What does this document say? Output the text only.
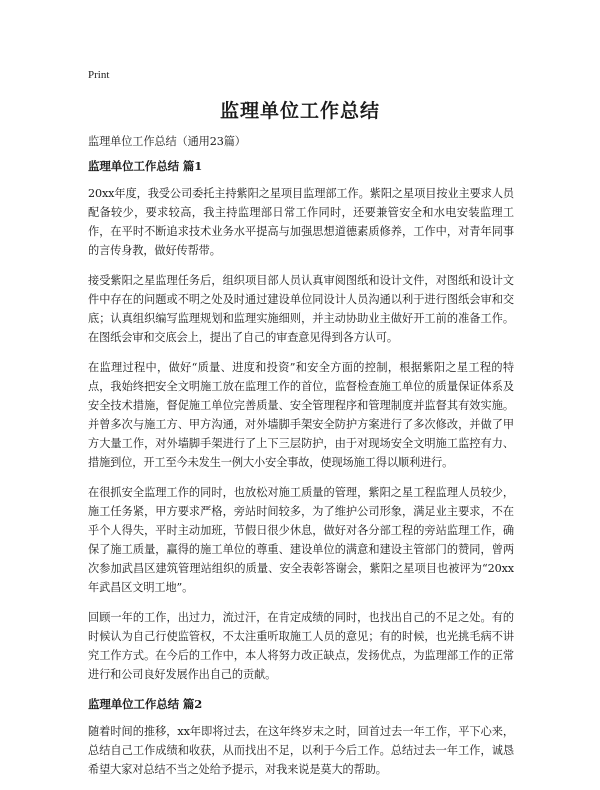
Print
监理单位工作总结
监理单位工作总结（通用23篇）
监理单位工作总结 篇1

20xx年度，我受公司委托主持紫阳之星项目监理部工作。紫阳之星项目按业主要求人员配备较少，要求较高，我主持监理部日常工作同时，还要兼管安全和水电安装监理工作，在平时不断追求技术业务水平提高与加强思想道德素质修养，工作中，对青年同事的言传身教，做好传帮带。

接受紫阳之星监理任务后，组织项目部人员认真审阅图纸和设计文件，对图纸和设计文件中存在的问题或不明之处及时通过建设单位同设计人员沟通以利于进行图纸会审和交底；认真组织编写监理规划和监理实施细则，并主动协助业主做好开工前的准备工作。在图纸会审和交底会上，提出了自己的审查意见得到各方认可。

在监理过程中，做好“质量、进度和投资”和安全方面的控制，根据紫阳之星工程的特点，我始终把安全文明施工放在监理工作的首位，监督检查施工单位的质量保证体系及安全技术措施，督促施工单位完善质量、安全管理程序和管理制度并监督其有效实施。并曾多次与施工方、甲方沟通，对外墙脚手架安全防护方案进行了多次修改，并做了甲方大量工作，对外墙脚手架进行了上下三层防护，由于对现场安全文明施工监控有力、措施到位，开工至今未发生一例大小安全事故，使现场施工得以顺利进行。

在很抓安全监理工作的同时，也放松对施工质量的管理，紫阳之星工程监理人员较少，施工任务紧，甲方要求严格，旁站时间较多，为了维护公司形象，满足业主要求，不在乎个人得失，平时主动加班，节假日很少休息，做好对各分部工程的旁站监理工作，确保了施工质量，赢得的施工单位的尊重、建设单位的满意和建设主管部门的赞同，曾两次参加武昌区建筑管理站组织的质量、安全表彰答谢会，紫阳之星项目也被评为“20xx年武昌区文明工地”。

回顾一年的工作，出过力，流过汗，在肯定成绩的同时，也找出自己的不足之处。有的时候认为自己行使监管权，不太注重听取施工人员的意见；有的时候，也光挑毛病不讲究工作方式。在今后的工作中，本人将努力改正缺点，发扬优点，为监理部工作的正常进行和公司良好发展作出自己的贡献。

监理单位工作总结 篇2

随着时间的推移，xx年即将过去，在这年终岁末之时，回首过去一年工作，平下心来，总结自己工作成绩和收获，从而找出不足，以利于今后工作。总结过去一年工作，诚恳希望大家对总结不当之处给予提示，对我来说是莫大的帮助。
